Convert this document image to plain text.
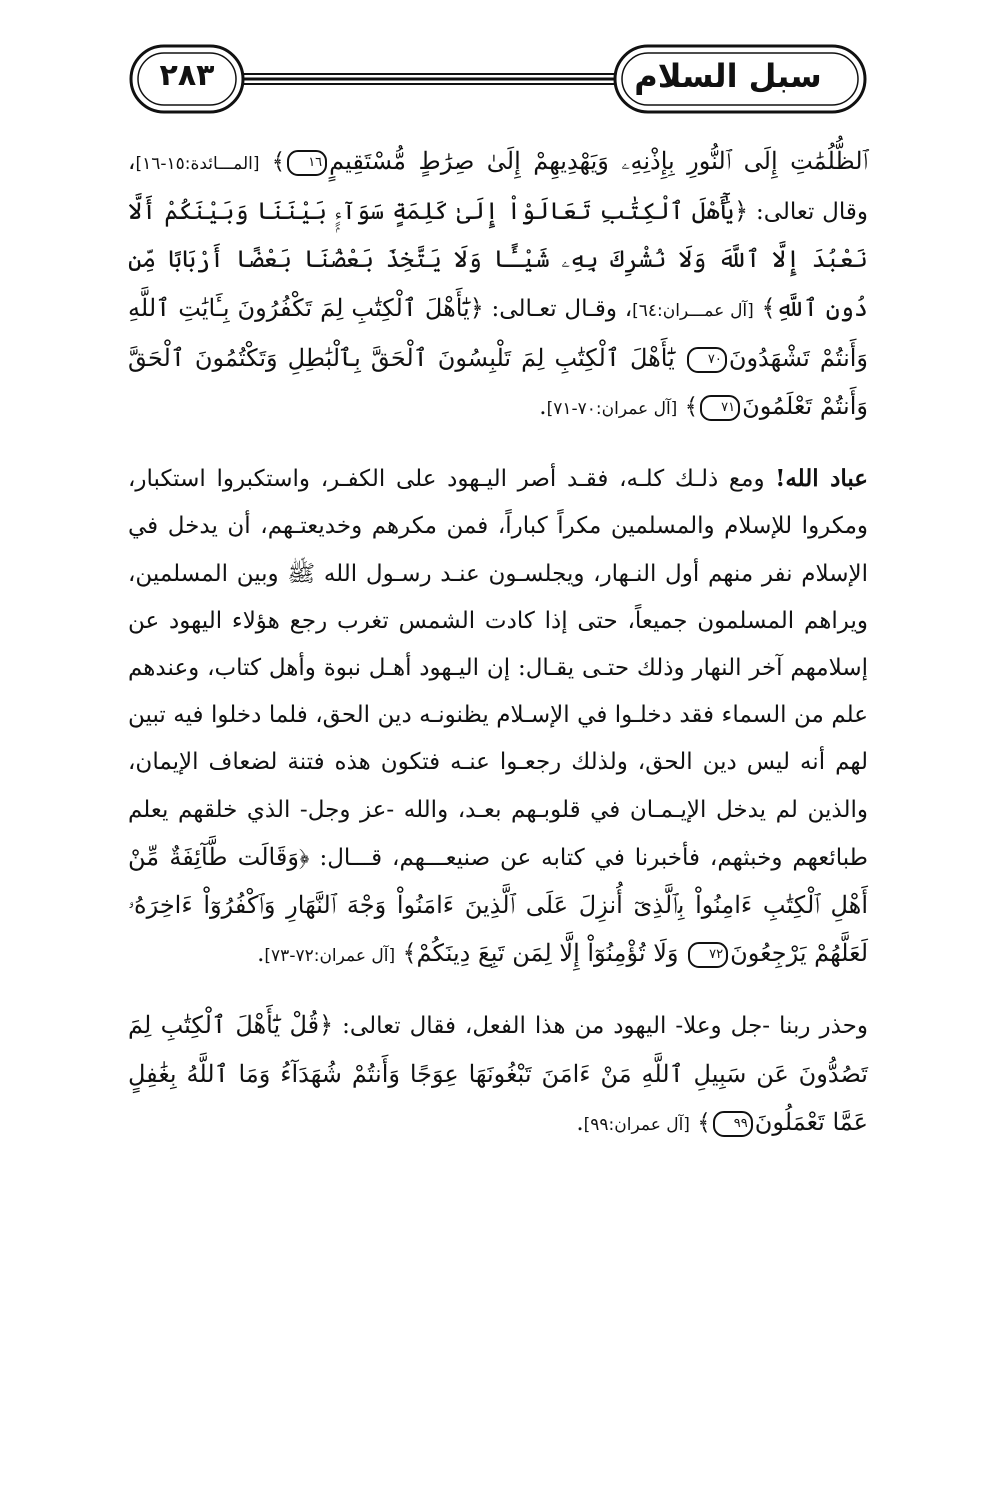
سبل السلام
٢٨٣

ٱلظُّلُمَٰتِ إِلَى ٱلنُّورِ بِإِذْنِهِۦ وَيَهْدِيهِمْ إِلَىٰ صِرَٰطٍ مُّسْتَقِيمٍ١٦﴾ [المـــائدة:١٥-١٦]، وقال تعالى: ﴿يَٰٓأَهْلَ ٱلْكِتَٰبِ تَعَالَوْاْ إِلَىٰ كَلِمَةٍ سَوَآءٍۭ بَيْنَنَا وَبَيْنَكُمْ أَلَّا نَعْبُدَ إِلَّا ٱللَّهَ وَلَا نُشْرِكَ بِهِۦ شَيْـًٔا وَلَا يَتَّخِذَ بَعْضُنَا بَعْضًا أَرْبَابًا مِّن دُونِ ٱللَّهِ﴾ [آل عمـــران:٦٤]، وقـال تعـالى: ﴿يَٰٓأَهْلَ ٱلْكِتَٰبِ لِمَ تَكْفُرُونَ بِـَٔايَٰتِ ٱللَّهِ وَأَنتُمْ تَشْهَدُونَ٧٠ يَٰٓأَهْلَ ٱلْكِتَٰبِ لِمَ تَلْبِسُونَ ٱلْحَقَّ بِٱلْبَٰطِلِ وَتَكْتُمُونَ ٱلْحَقَّ وَأَنتُمْ تَعْلَمُونَ٧١﴾ [آل عمران:٧٠-٧١].

عباد الله! ومع ذلـك كلـه، فقـد أصر اليـهود على الكفـر، واستكبروا استكبار، ومكروا للإسلام والمسلمين مكراً كباراً، فمن مكرهم وخديعتـهم، أن يدخل في الإسلام نفر منهم أول النـهار، ويجلسـون عنـد رسـول الله ﷺ وبين المسلمين، ويراهم المسلمون جميعاً، حتى إذا كادت الشمس تغرب رجع هؤلاء اليهود عن إسلامهم آخر النهار وذلك حتـى يقـال: إن اليـهود أهـل نبوة وأهل كتاب، وعندهم علم من السماء فقد دخلـوا في الإسـلام يظنونـه دين الحق، فلما دخلوا فيه تبين لهم أنه ليس دين الحق، ولذلك رجعـوا عنـه فتكون هذه فتنة لضعاف الإيمان، والذين لم يدخل الإيـمـان في قلوبـهم بعـد، والله -عز وجل- الذي خلقهم يعلم طبائعهم وخبثهم، فأخبرنا في كتابه عن صنيعـــهم، قـــال: ﴿وَقَالَت طَّآئِفَةٌ مِّنْ أَهْلِ ٱلْكِتَٰبِ ءَامِنُواْ بِٱلَّذِىٓ أُنزِلَ عَلَى ٱلَّذِينَ ءَامَنُواْ وَجْهَ ٱلنَّهَارِ وَٱكْفُرُوٓاْ ءَاخِرَهُۥ لَعَلَّهُمْ يَرْجِعُونَ٧٢ وَلَا تُؤْمِنُوٓاْ إِلَّا لِمَن تَبِعَ دِينَكُمْ﴾ [آل عمران:٧٢-٧٣].

وحذر ربنا -جل وعلا- اليهود من هذا الفعل، فقال تعالى: ﴿قُلْ يَٰٓأَهْلَ ٱلْكِتَٰبِ لِمَ تَصُدُّونَ عَن سَبِيلِ ٱللَّهِ مَنْ ءَامَنَ تَبْغُونَهَا عِوَجًا وَأَنتُمْ شُهَدَآءُ وَمَا ٱللَّهُ بِغَٰفِلٍ عَمَّا تَعْمَلُونَ٩٩﴾ [آل عمران:٩٩].
